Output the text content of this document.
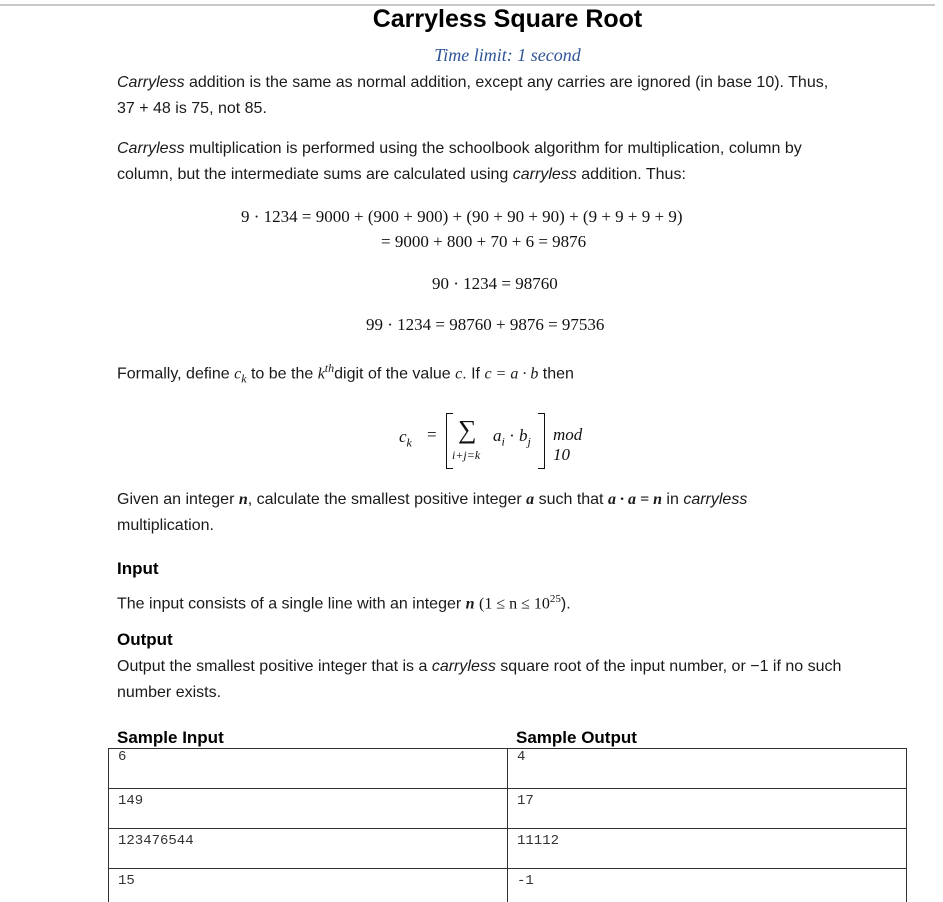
Carryless Square Root
Time limit: 1 second
Carryless addition is the same as normal addition, except any carries are ignored (in base 10). Thus,
37 + 48 is 75, not 85.
Carryless multiplication is performed using the schoolbook algorithm for multiplication, column by
column, but the intermediate sums are calculated using carryless addition. Thus:
9 · 1234 = 9000 + (900 + 900) + (90 + 90 + 90) + (9 + 9 + 9 + 9)
= 9000 + 800 + 70 + 6 = 9876
90 · 1234 = 98760
99 · 1234 = 98760 + 9876 = 97536
Formally, define $c_k$ to be the $k^{th}digit$ of the value c. If c = a · b then
$c_k$ = ∑
i+j=k
$a_i \cdot b_j$ mod 10
Given an integer n, calculate the smallest positive integer a such that a · a = n in carryless
multiplication.
Input
The input consists of a single line with an integer n $(1 \le n \le 10^{25})$.
Output
Output the smallest positive integer that is a carryless square root of the input number, or −1 if no such
number exists.
Sample Input	Sample Output
6	4
149	17
123476544	11112
15	-1
